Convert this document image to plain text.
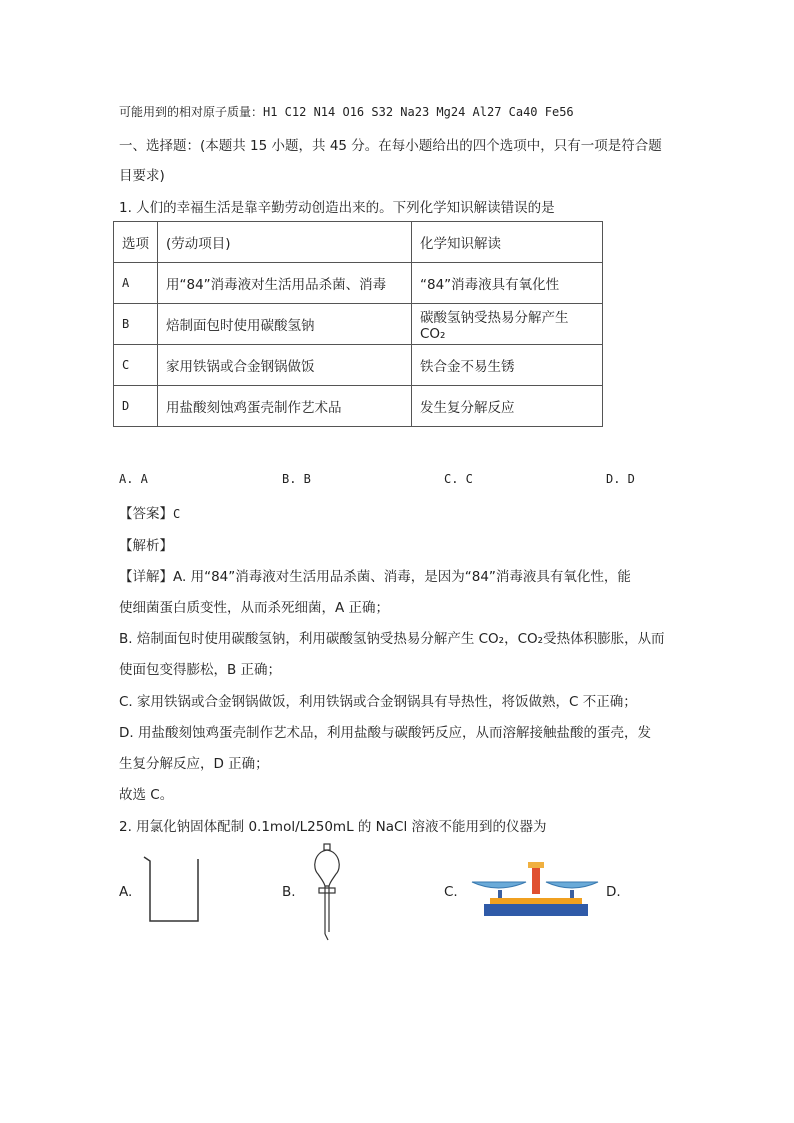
可能用到的相对原子质量：H1 C12 N14 O16 S32 Na23 Mg24 Al27 Ca40 Fe56
一、选择题：(本题共 15 小题，共 45 分。在每小题给出的四个选项中，只有一项是符合题
目要求)
1. 人们的幸福生活是靠辛勤劳动创造出来的。下列化学知识解读错误的是
选项	(劳动项目)	化学知识解读
A	用“84”消毒液对生活用品杀菌、消毒	“84”消毒液具有氧化性
B	焙制面包时使用碳酸氢钠	碳酸氢钠受热易分解产生 CO₂
C	家用铁锅或合金钢锅做饭	铁合金不易生锈
D	用盐酸刻蚀鸡蛋壳制作艺术品	发生复分解反应
A. A	B. B	C. C	D. D
【答案】C
【解析】
【详解】A. 用“84”消毒液对生活用品杀菌、消毒，是因为“84”消毒液具有氧化性，能
使细菌蛋白质变性，从而杀死细菌，A 正确；
B. 焙制面包时使用碳酸氢钠，利用碳酸氢钠受热易分解产生 CO₂，CO₂受热体积膨胀，从而
使面包变得膨松，B 正确；
C. 家用铁锅或合金钢锅做饭，利用铁锅或合金钢锅具有导热性，将饭做熟，C 不正确；
D. 用盐酸刻蚀鸡蛋壳制作艺术品，利用盐酸与碳酸钙反应，从而溶解接触盐酸的蛋壳，发
生复分解反应，D 正确；
故选 C。
2. 用氯化钠固体配制 0.1mol/L250mL 的 NaCl 溶液不能用到的仪器为
A.	B.	C.	D.
